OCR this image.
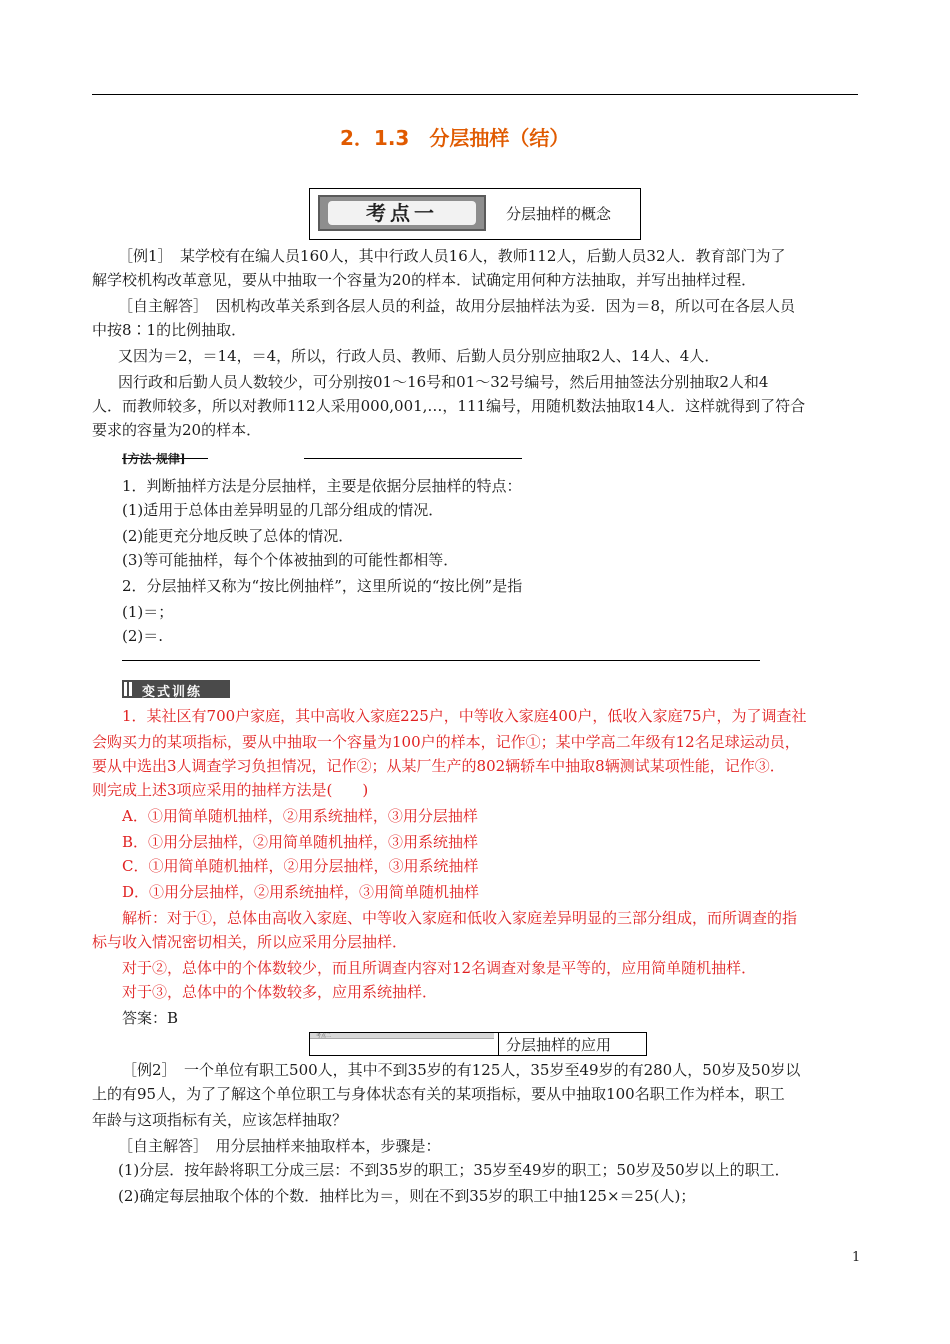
2．1.3　分层抽样（结）
考点一	分层抽样的概念
［例1］　某学校有在编人员160人，其中行政人员16人，教师112人，后勤人员32人．教育部门为了
解学校机构改革意见，要从中抽取一个容量为20的样本．试确定用何种方法抽取，并写出抽样过程．
［自主解答］　因机构改革关系到各层人员的利益，故用分层抽样法为妥．因为＝8，所以可在各层人员
中按8∶1的比例抽取．
又因为＝2，＝14，＝4，所以，行政人员、教师、后勤人员分别应抽取2人、14人、4人．
因行政和后勤人员人数较少，可分别按01～16号和01～32号编号，然后用抽签法分别抽取2人和4
人．而教师较多，所以对教师112人采用000,001,…，111编号，用随机数法抽取14人．这样就得到了符合
要求的容量为20的样本．
[方法·规律]
1．判断抽样方法是分层抽样，主要是依据分层抽样的特点：
(1)适用于总体由差异明显的几部分组成的情况．
(2)能更充分地反映了总体的情况．
(3)等可能抽样，每个个体被抽到的可能性都相等．
2．分层抽样又称为“按比例抽样”，这里所说的“按比例”是指
(1)＝；
(2)＝.
变式训练
1．某社区有700户家庭，其中高收入家庭225户，中等收入家庭400户，低收入家庭75户，为了调查社
会购买力的某项指标，要从中抽取一个容量为100户的样本，记作①；某中学高二年级有12名足球运动员，
要从中选出3人调查学习负担情况，记作②；从某厂生产的802辆轿车中抽取8辆测试某项性能，记作③．
则完成上述3项应采用的抽样方法是(　　)
A．①用简单随机抽样，②用系统抽样，③用分层抽样
B．①用分层抽样，②用简单随机抽样，③用系统抽样
C．①用简单随机抽样，②用分层抽样，③用系统抽样
D．①用分层抽样，②用系统抽样，③用简单随机抽样
解析：对于①，总体由高收入家庭、中等收入家庭和低收入家庭差异明显的三部分组成，而所调查的指
标与收入情况密切相关，所以应采用分层抽样．
对于②，总体中的个体数较少，而且所调查内容对12名调查对象是平等的，应用简单随机抽样．
对于③，总体中的个体数较多，应用系统抽样．
答案：B
考点二	分层抽样的应用
［例2］　一个单位有职工500人，其中不到35岁的有125人，35岁至49岁的有280人，50岁及50岁以
上的有95人，为了了解这个单位职工与身体状态有关的某项指标，要从中抽取100名职工作为样本，职工
年龄与这项指标有关，应该怎样抽取？
［自主解答］　用分层抽样来抽取样本，步骤是：
(1)分层．按年龄将职工分成三层：不到35岁的职工；35岁至49岁的职工；50岁及50岁以上的职工．
(2)确定每层抽取个体的个数．抽样比为＝，则在不到35岁的职工中抽125×＝25(人)；
1
